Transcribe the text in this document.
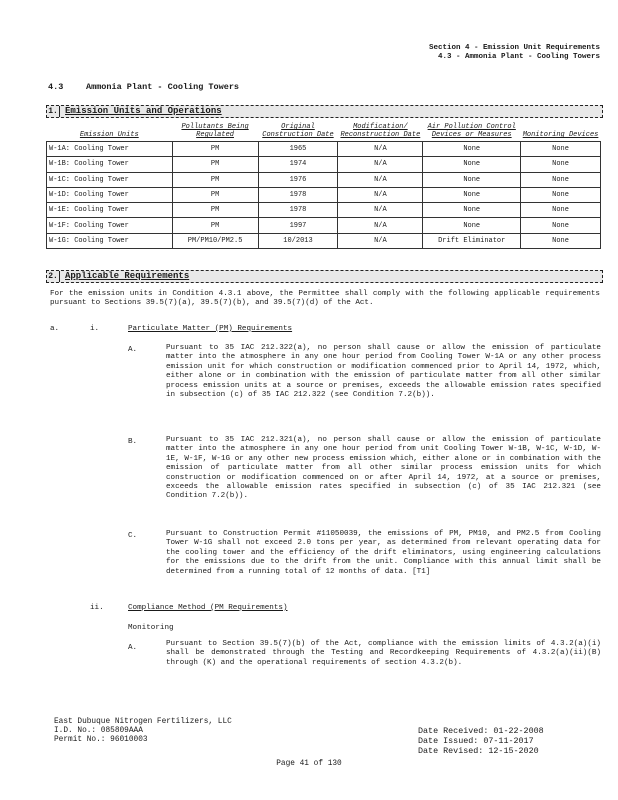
Section 4 - Emission Unit Requirements
4.3 - Ammonia Plant - Cooling Towers
4.3	Ammonia Plant - Cooling Towers
1. Emission Units and Operations
Emission Units	Pollutants Being Regulated	Original Construction Date	Modification/ Reconstruction Date	Air Pollution Control Devices or Measures	Monitoring Devices
W-1A: Cooling Tower	PM	1965	N/A	None	None
W-1B: Cooling Tower	PM	1974	N/A	None	None
W-1C: Cooling Tower	PM	1976	N/A	None	None
W-1D: Cooling Tower	PM	1978	N/A	None	None
W-1E: Cooling Tower	PM	1978	N/A	None	None
W-1F: Cooling Tower	PM	1997	N/A	None	None
W-1G: Cooling Tower	PM/PM10/PM2.5	10/2013	N/A	Drift Eliminator	None
2. Applicable Requirements
For the emission units in Condition 4.3.1 above, the Permittee shall comply with the following applicable requirements pursuant to Sections 39.5(7)(a), 39.5(7)(b), and 39.5(7)(d) of the Act.
a.	i.	Particulate Matter (PM) Requirements
A.	Pursuant to 35 IAC 212.322(a), no person shall cause or allow the emission of particulate matter into the atmosphere in any one hour period from Cooling Tower W-1A or any other process emission unit for which construction or modification commenced prior to April 14, 1972, which, either alone or in combination with the emission of particulate matter from all other similar process emission units at a source or premises, exceeds the allowable emission rates specified in subsection (c) of 35 IAC 212.322 (see Condition 7.2(b)).
B.	Pursuant to 35 IAC 212.321(a), no person shall cause or allow the emission of particulate matter into the atmosphere in any one hour period from unit Cooling Tower W-1B, W-1C, W-1D, W-1E, W-1F, W-1G or any other new process emission which, either alone or in combination with the emission of particulate matter from all other similar process emission units for which construction or modification commenced on or after April 14, 1972, at a source or premises, exceeds the allowable emission rates specified in subsection (c) of 35 IAC 212.321 (see Condition 7.2(b)).
C.	Pursuant to Construction Permit #11050039, the emissions of PM, PM10, and PM2.5 from Cooling Tower W-1G shall not exceed 2.0 tons per year, as determined from relevant operating data for the cooling tower and the efficiency of the drift eliminators, using engineering calculations for the emissions due to the drift from the unit. Compliance with this annual limit shall be determined from a running total of 12 months of data. [T1]
ii.	Compliance Method (PM Requirements)
Monitoring
A.	Pursuant to Section 39.5(7)(b) of the Act, compliance with the emission limits of 4.3.2(a)(i) shall be demonstrated through the Testing and Recordkeeping Requirements of 4.3.2(a)(ii)(B) through (K) and the operational requirements of section 4.3.2(b).
East Dubuque Nitrogen Fertilizers, LLC
I.D. No.: 085809AAA
Permit No.: 96010003
Date Received: 01-22-2008
Date Issued: 07-11-2017
Date Revised: 12-15-2020
Page 41 of 130
